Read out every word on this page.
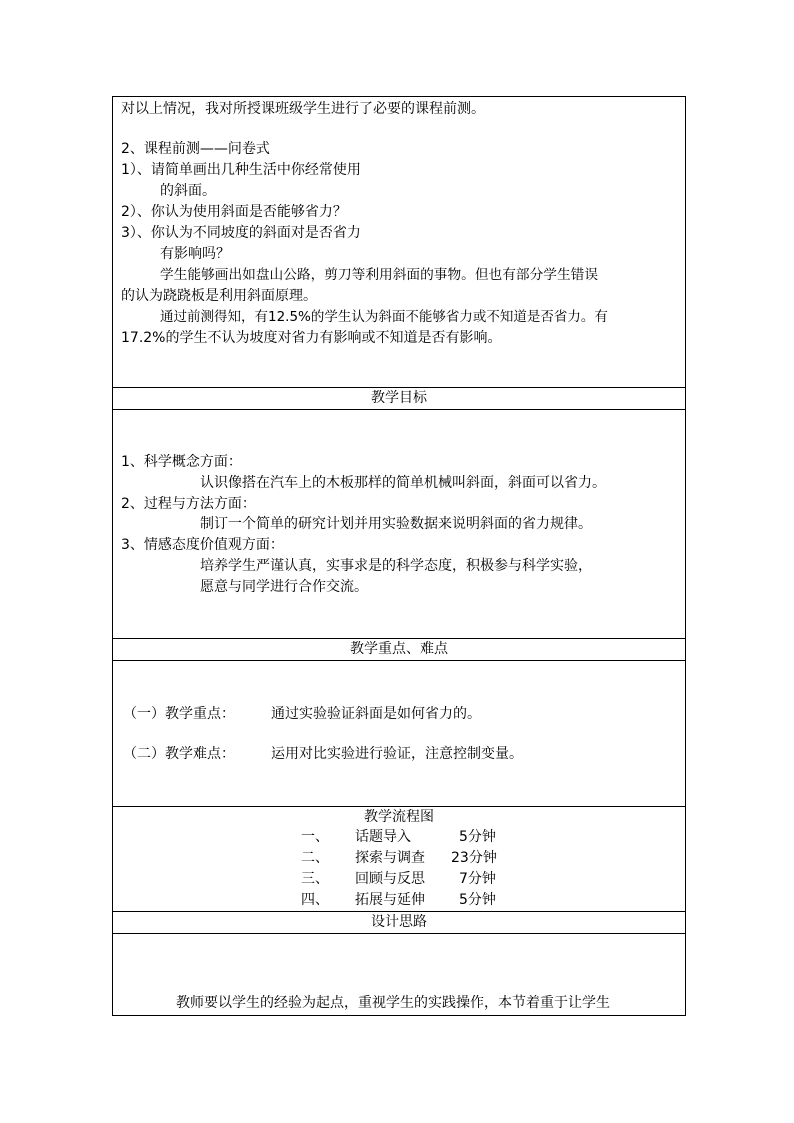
对以上情况，我对所授课班级学生进行了必要的课程前测。
2、课程前测——问卷式
1）、请简单画出几种生活中你经常使用
的斜面。
2）、你认为使用斜面是否能够省力？
3）、你认为不同坡度的斜面对是否省力
有影响吗？
学生能够画出如盘山公路，剪刀等利用斜面的事物。但也有部分学生错误
的认为跷跷板是利用斜面原理。
通过前测得知，有12.5%的学生认为斜面不能够省力或不知道是否省力。有
17.2%的学生不认为坡度对省力有影响或不知道是否有影响。
教学目标
1、科学概念方面：
认识像搭在汽车上的木板那样的简单机械叫斜面，斜面可以省力。
2、过程与方法方面：
制订一个简单的研究计划并用实验数据来说明斜面的省力规律。
3、情感态度价值观方面：
培养学生严谨认真，实事求是的科学态度，积极参与科学实验，
愿意与同学进行合作交流。
教学重点、难点
（一）教学重点：	通过实验验证斜面是如何省力的。
（二）教学难点：	运用对比实验进行验证，注意控制变量。
教学流程图
一、 话题导入	5分钟
二、 探索与调查 23分钟
三、 回顾与反思 7分钟
四、 拓展与延伸 5分钟
设计思路
教师要以学生的经验为起点，重视学生的实践操作，本节着重于让学生
